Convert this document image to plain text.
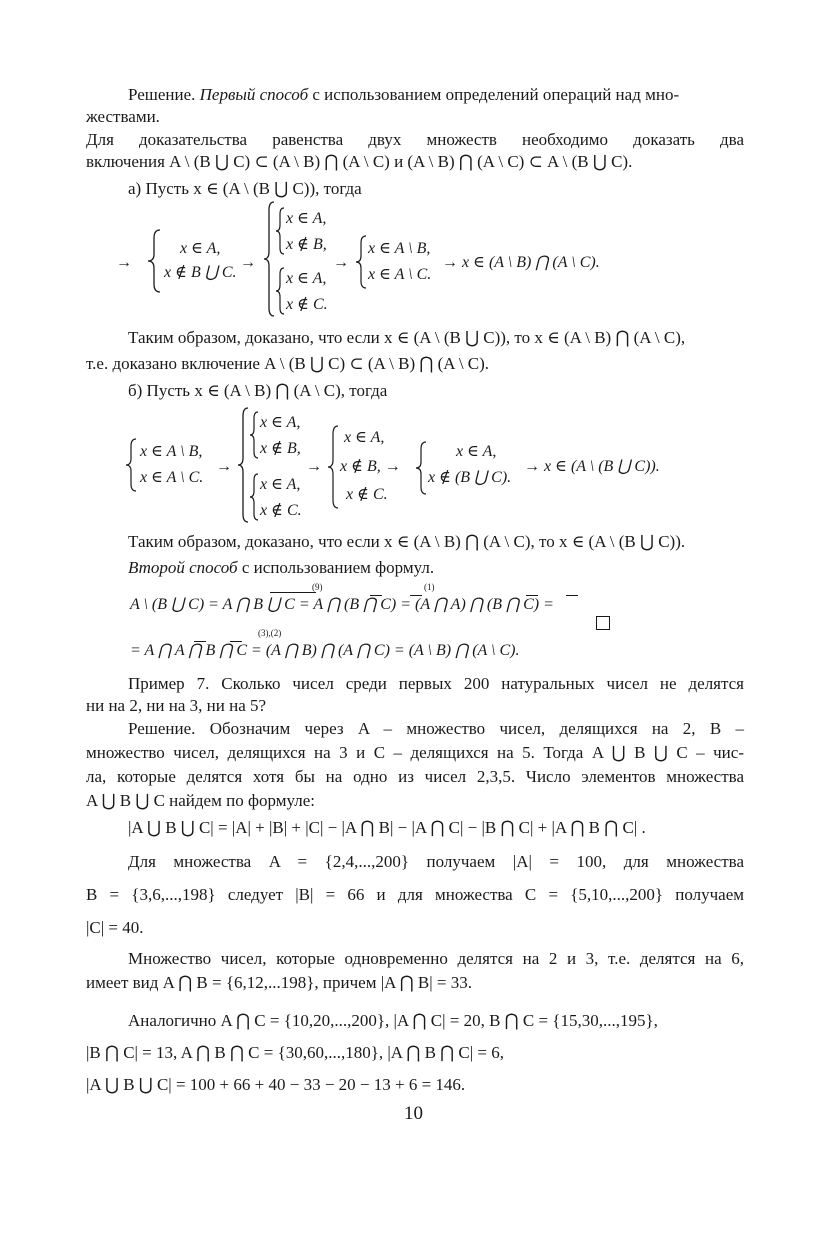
Решение. Первый способ с использованием определений операций над мно-
жествами.
Для доказательства равенства двух множеств необходимо доказать два
включения A \ (B ⋃ C) ⊂ (A \ B) ⋂ (A \ C) и (A \ B) ⋂ (A \ C) ⊂ A \ (B ⋃ C).
а) Пусть x ∈ (A \ (B ⋃ C)), тогда
→
x ∈ A,
x ∉ B ⋃ C.
→
x ∈ A,
x ∉ B,
x ∈ A,
x ∉ C.
→
x ∈ A \ B,
x ∈ A \ C.
→ x ∈ (A \ B) ⋂ (A \ C).
Таким образом, доказано, что если x ∈ (A \ (B ⋃ C)), то x ∈ (A \ B) ⋂ (A \ C),
т.е. доказано включение A \ (B ⋃ C) ⊂ (A \ B) ⋂ (A \ C).
б) Пусть x ∈ (A \ B) ⋂ (A \ C), тогда
x ∈ A \ B,
x ∈ A \ C.
→
x ∈ A,
x ∉ B,
x ∈ A,
x ∉ C.
→
x ∈ A,
x ∉ B, →
x ∉ C.
x ∈ A,
x ∉ (B ⋃ C).
→ x ∈ (A \ (B ⋃ C)).
Таким образом, доказано, что если x ∈ (A \ B) ⋂ (A \ C), то x ∈ (A \ (B ⋃ C)).
Второй способ с использованием формул.
A \ (B ⋃ C) = A ⋂ B ⋃ C = A ⋂ (B ⋂ C) = (A ⋂ A) ⋂ (B ⋂ C) =
(9)	(1)
= A ⋂ A ⋂ B ⋂ C = (A ⋂ B) ⋂ (A ⋂ C) = (A \ B) ⋂ (A \ C).
(3),(2)
Пример 7. Сколько чисел среди первых 200 натуральных чисел не делятся
ни на 2, ни на 3, ни на 5?
Решение. Обозначим через A – множество чисел, делящихся на 2, B –
множество чисел, делящихся на 3 и C – делящихся на 5. Тогда A ⋃ B ⋃ C – чис-
ла, которые делятся хотя бы на одно из чисел 2,3,5. Число элементов множества
A ⋃ B ⋃ C найдем по формуле:
|A ⋃ B ⋃ C| = |A| + |B| + |C| − |A ⋂ B| − |A ⋂ C| − |B ⋂ C| + |A ⋂ B ⋂ C| .
Для множества A = {2,4,...,200} получаем |A| = 100, для множества
B = {3,6,...,198} следует |B| = 66 и для множества C = {5,10,...,200} получаем
|C| = 40.
Множество чисел, которые одновременно делятся на 2 и 3, т.е. делятся на 6,
имеет вид A ⋂ B = {6,12,...198}, причем |A ⋂ B| = 33.
Аналогично A ⋂ C = {10,20,...,200}, |A ⋂ C| = 20, B ⋂ C = {15,30,...,195},
|B ⋂ C| = 13, A ⋂ B ⋂ C = {30,60,...,180}, |A ⋂ B ⋂ C| = 6,
|A ⋃ B ⋃ C| = 100 + 66 + 40 − 33 − 20 − 13 + 6 = 146.
10
